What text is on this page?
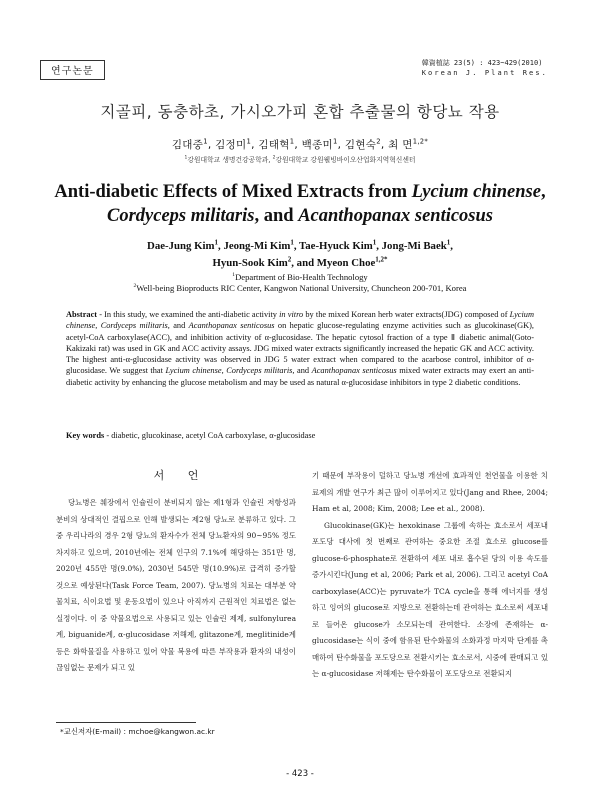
연구논문
韓資植誌 23(5) : 423~429(2010)
Korean J. Plant Res.
지골피, 동충하초, 가시오가피 혼합 추출물의 항당뇨 작용
김대중$^1$, 김정미$^1$, 김태혁$^1$, 백종미$^1$, 김현숙$^2$, 최 면$^{1,2*}$
$^1$강원대학교 생명건강공학과, $^2$강원대학교 강원웰빙바이오산업화지역혁신센터
Anti-diabetic Effects of Mixed Extracts from Lycium chinense,
Cordyceps militaris, and Acanthopanax senticosus
Dae-Jung Kim$^1$, Jeong-Mi Kim$^1$, Tae-Hyuck Kim$^1$, Jong-Mi Baek$^1$,
Hyun-Sook Kim$^2$, and Myeon Choe$^{1,2*}$
$^1$Department of Bio-Health Technology
$^2$Well-being Bioproducts RIC Center, Kangwon National University, Chuncheon 200-701, Korea
Abstract - In this study, we examined the anti-diabetic activity in vitro by the mixed Korean herb water extracts(JDG) composed of Lycium chinense, Cordyceps militaris, and Acanthopanax senticosus on hepatic glucose-regulating enzyme activities such as glucokinase(GK), acetyl-CoA carboxylase(ACC), and inhibition activity of α-glucosidase. The hepatic cytosol fraction of a type Ⅱ diabetic animal(Goto-Kakizaki rat) was used in GK and ACC activity assays. JDG mixed water extracts significantly increased the hepatic GK and ACC activity. The highest anti-α-glucosidase activity was observed in JDG 5 water extract when compared to the acarbose control, inhibitor of α-glucosidase. We suggest that Lycium chinense, Cordyceps militaris, and Acanthopanax senticosus mixed water extracts may exert an anti-diabetic activity by enhancing the glucose metabolism and may be used as natural α-glucosidase inhibitors in type 2 diabetic conditions.
Key words - diabetic, glucokinase, acetyl CoA carboxylase, α-glucosidase
서 언
당뇨병은 췌장에서 인슐린이 분비되지 않는 제1형과 인슐린 저항성과 분비의 상대적인 결핍으로 인해 발생되는 제2형 당뇨로 분류하고 있다. 그 중 우리나라의 경우 2형 당뇨의 환자수가 전체 당뇨환자의 90~95% 정도 차지하고 있으며, 2010년에는 전체 인구의 7.1%에 해당하는 351만 명, 2020년 455만 명(9.0%), 2030년 545만 명(10.9%)로 급격히 증가할 것으로 예상된다(Task Force Team, 2007). 당뇨병의 치료는 대부분 약물치료, 식이요법 및 운동요법이 있으나 아직까지 근원적인 치료법은 없는 실정이다. 이 중 약물요법으로 사용되고 있는 인슐린 제제, sulfonylurea계, biguanide계, α-glucosidase 저해제, glitazone계, meglitinide계 등은 화학물질을 사용하고 있어 약물 복용에 따른 부작용과 환자의 내성이 끊임없는 문제가 되고 있
기 때문에 부작용이 덜하고 당뇨병 개선에 효과적인 천연물을 이용한 치료제의 개발 연구가 최근 많이 이루어지고 있다(Jang and Rhee, 2004; Ham et al, 2008; Kim, 2008; Lee et al., 2008).
Glucokinase(GK)는 hexokinase 그룹에 속하는 효소로서 세포내 포도당 대사에 첫 번째로 관여하는 중요한 조절 효소로 glucose를 glucose-6-phosphate로 전환하여 세포 내로 흡수된 당의 이용 속도를 증가시킨다(Jung et al, 2006; Park et al, 2006). 그리고 acetyl CoA carboxylase(ACC)는 pyruvate가 TCA cycle을 통해 에너지를 생성하고 잉여의 glucose로 지방으로 전환하는데 관여하는 효소로써 세포내로 들어온 glucose가 소모되는데 관여한다. 소장에 존재하는 α-glucosidase는 식이 중에 함유된 탄수화물의 소화과정 마지막 단계를 촉매하여 탄수화물을 포도당으로 전환시키는 효소로서, 시중에 판매되고 있는 α-glucosidase 저해제는 탄수화물이 포도당으로 전환되지
*교신저자(E-mail) : mchoe@kangwon.ac.kr
- 423 -
